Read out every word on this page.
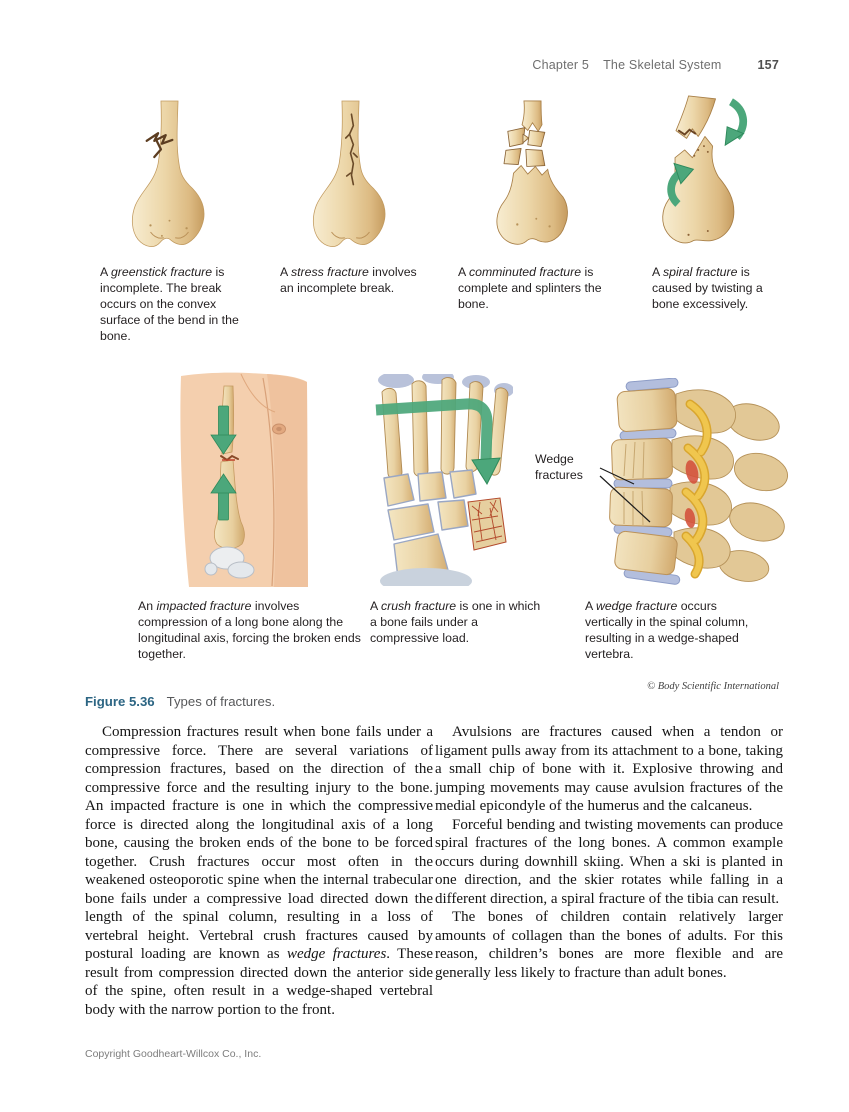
Chapter 5 The Skeletal System	157
A greenstick fracture is incomplete. The break occurs on the convex surface of the bend in the bone.
A stress fracture involves an incomplete break.
A comminuted fracture is complete and splinters the bone.
A spiral fracture is caused by twisting a bone excessively.
Wedge fractures
An impacted fracture involves compression of a long bone along the longitudinal axis, forcing the broken ends together.
A crush fracture is one in which a bone fails under a compressive load.
A wedge fracture occurs vertically in the spinal column, resulting in a wedge-shaped vertebra.
© Body Scientific International
Figure 5.36 Types of fractures.

Compression fractures result when bone fails under a compressive force. There are several variations of compression fractures, based on the direction of the compressive force and the resulting injury to the bone. An impacted fracture is one in which the compressive force is directed along the longitudinal axis of a long bone, causing the broken ends of the bone to be forced together. Crush fractures occur most often in the weakened osteoporotic spine when the internal trabecular bone fails under a compressive load directed down the length of the spinal column, resulting in a loss of vertebral height. Vertebral crush fractures caused by postural loading are known as wedge fractures. These result from compression directed down the anterior side of the spine, often result in a wedge-shaped vertebral body with the narrow portion to the front.

Avulsions are fractures caused when a tendon or ligament pulls away from its attachment to a bone, taking a small chip of bone with it. Explosive throwing and jumping movements may cause avulsion fractures of the medial epicondyle of the humerus and the calcaneus.

Forceful bending and twisting movements can produce spiral fractures of the long bones. A common example occurs during downhill skiing. When a ski is planted in one direction, and the skier rotates while falling in a different direction, a spiral fracture of the tibia can result.

The bones of children contain relatively larger amounts of collagen than the bones of adults. For this reason, children’s bones are more flexible and are generally less likely to fracture than adult bones.

Copyright Goodheart-Willcox Co., Inc.
